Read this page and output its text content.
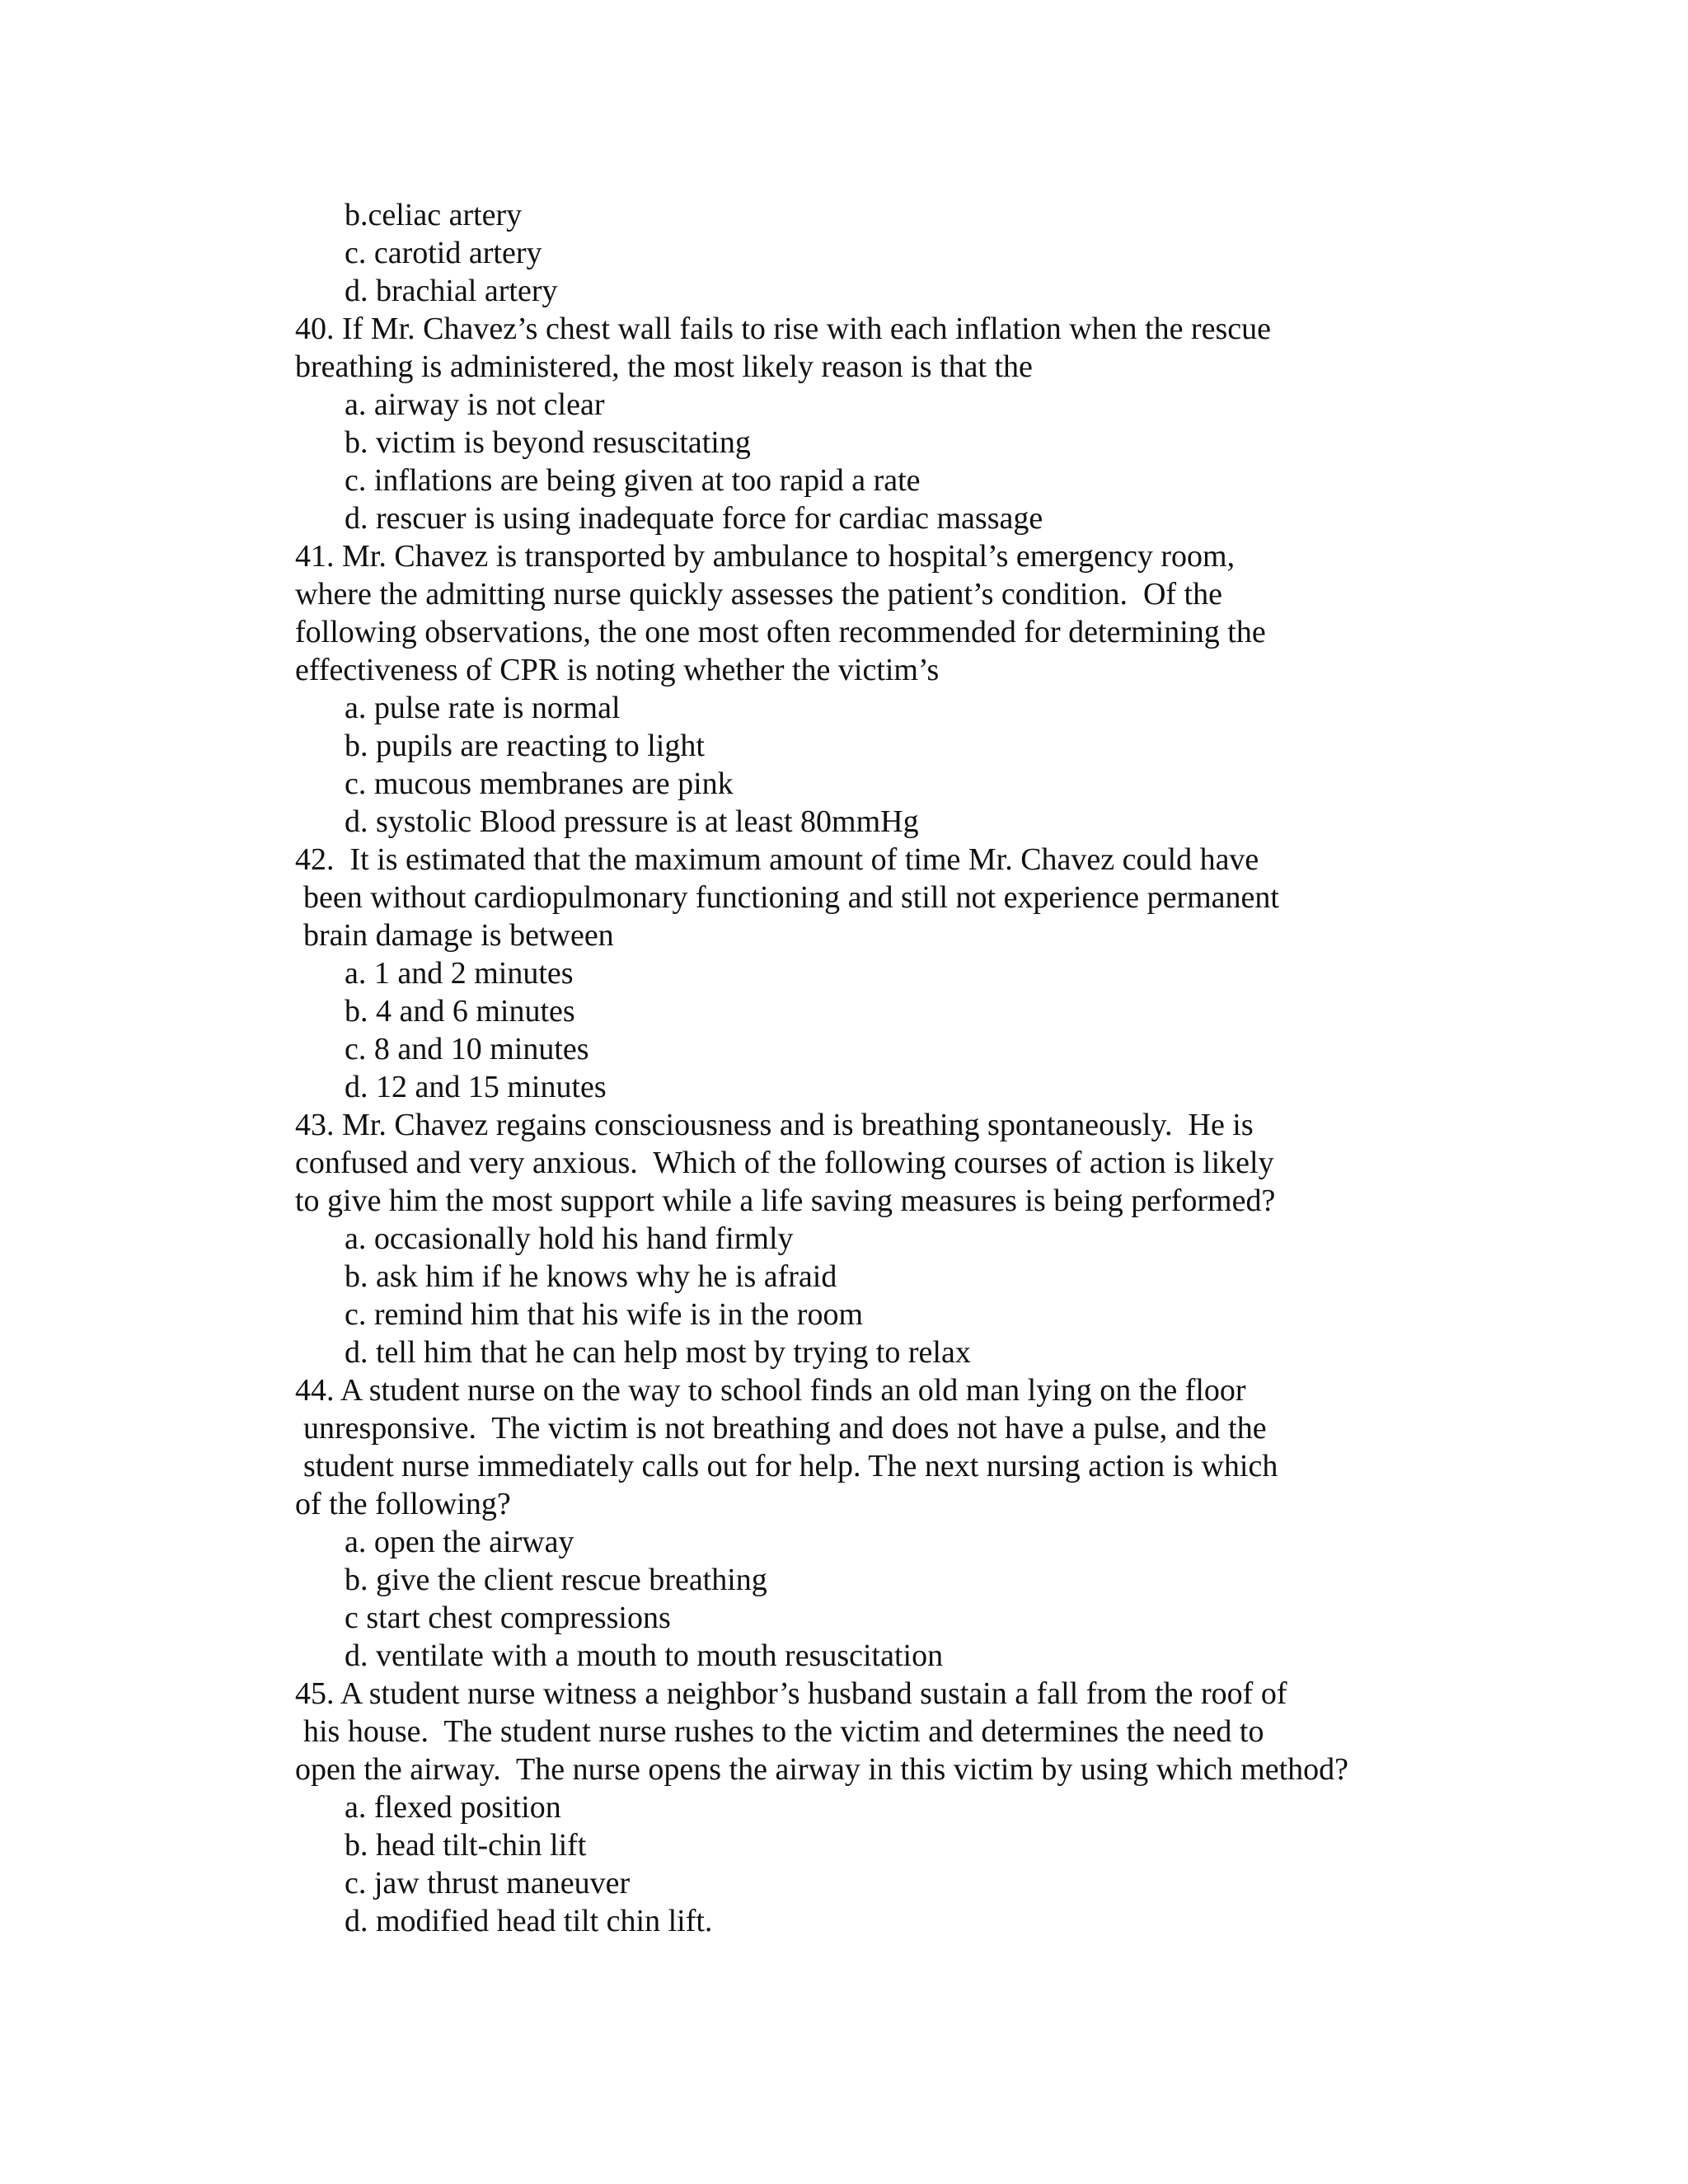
b.celiac artery
c. carotid artery
d. brachial artery
40. If Mr. Chavez’s chest wall fails to rise with each inflation when the rescue
breathing is administered, the most likely reason is that the
a. airway is not clear
b. victim is beyond resuscitating
c. inflations are being given at too rapid a rate
d. rescuer is using inadequate force for cardiac massage
41. Mr. Chavez is transported by ambulance to hospital’s emergency room,
where the admitting nurse quickly assesses the patient’s condition.  Of the
following observations, the one most often recommended for determining the
effectiveness of CPR is noting whether the victim’s
a. pulse rate is normal
b. pupils are reacting to light
c. mucous membranes are pink
d. systolic Blood pressure is at least 80mmHg
42.  It is estimated that the maximum amount of time Mr. Chavez could have
been without cardiopulmonary functioning and still not experience permanent
brain damage is between
a. 1 and 2 minutes
b. 4 and 6 minutes
c. 8 and 10 minutes
d. 12 and 15 minutes
43. Mr. Chavez regains consciousness and is breathing spontaneously.  He is
confused and very anxious.  Which of the following courses of action is likely
to give him the most support while a life saving measures is being performed?
a. occasionally hold his hand firmly
b. ask him if he knows why he is afraid
c. remind him that his wife is in the room
d. tell him that he can help most by trying to relax
44. A student nurse on the way to school finds an old man lying on the floor
unresponsive.  The victim is not breathing and does not have a pulse, and the
student nurse immediately calls out for help. The next nursing action is which
of the following?
a. open the airway
b. give the client rescue breathing
c start chest compressions
d. ventilate with a mouth to mouth resuscitation
45. A student nurse witness a neighbor’s husband sustain a fall from the roof of
his house.  The student nurse rushes to the victim and determines the need to
open the airway.  The nurse opens the airway in this victim by using which method?
a. flexed position
b. head tilt-chin lift
c. jaw thrust maneuver
d. modified head tilt chin lift.
